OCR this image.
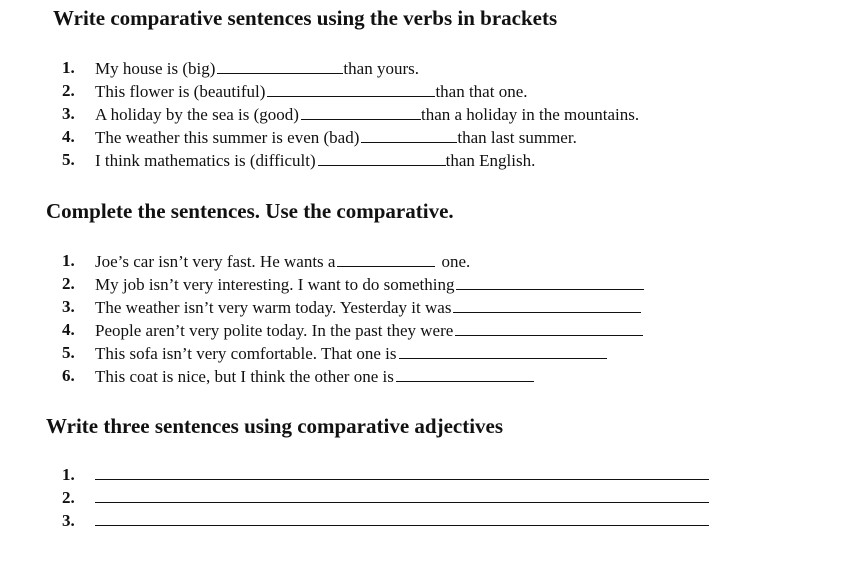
Write comparative sentences using the verbs in brackets
1. My house is (big)	than yours.
2. This flower is (beautiful)	than that one.
3. A holiday by the sea is (good)	than a holiday in the mountains.
4. The weather this summer is even (bad)	than last summer.
5. I think mathematics is (difficult)	than English.
Complete the sentences. Use the comparative.
1. Joe’s car isn’t very fast. He wants a	one.
2. My job isn’t very interesting. I want to do something
3. The weather isn’t very warm today. Yesterday it was
4. People aren’t very polite today. In the past they were
5. This sofa isn’t very comfortable. That one is
6. This coat is nice, but I think the other one is
Write three sentences using comparative adjectives
1.
2.
3.
